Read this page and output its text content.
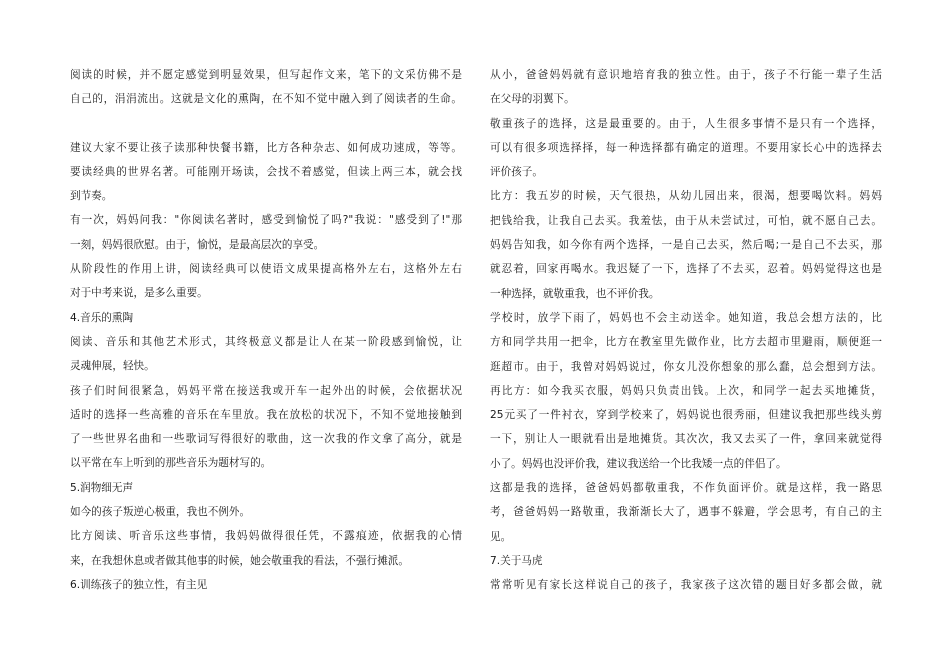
阅读的时候，并不愿定感觉到明显效果，但写起作文来，笔下的文采仿佛不是
自己的，涓涓流出。这就是文化的熏陶，在不知不觉中融入到了阅读者的生命。
建议大家不要让孩子读那种快餐书籍，比方各种杂志、如何成功速成，等等。
要读经典的世界名著。可能刚开场读，会找不着感觉，但读上两三本，就会找
到节奏。
有一次，妈妈问我："你阅读名著时，感受到愉悦了吗?"我说："感受到了!"那
一刻，妈妈很欣慰。由于，愉悦，是最高层次的享受。
从阶段性的作用上讲，阅读经典可以使语文成果提高格外左右，这格外左右
对于中考来说，是多么重要。
4.音乐的熏陶
阅读、音乐和其他艺术形式，其终极意义都是让人在某一阶段感到愉悦，让
灵魂伸展，轻快。
孩子们时间很紧急，妈妈平常在接送我或开车一起外出的时候，会依据状况
适时的选择一些高雅的音乐在车里放。我在放松的状况下，不知不觉地接触到
了一些世界名曲和一些歌词写得很好的歌曲，这一次我的作文拿了高分，就是
以平常在车上听到的那些音乐为题材写的。
5.润物细无声
如今的孩子叛逆心极重，我也不例外。
比方阅读、听音乐这些事情，我妈妈做得很任凭，不露痕迹，依据我的心情
来，在我想休息或者做其他事的时候，她会敬重我的看法，不强行摊派。
6.训练孩子的独立性，有主见
从小，爸爸妈妈就有意识地培育我的独立性。由于，孩子不行能一辈子生活
在父母的羽翼下。
敬重孩子的选择，这是最重要的。由于，人生很多事情不是只有一个选择，
可以有很多项选择择，每一种选择都有确定的道理。不要用家长心中的选择去
评价孩子。
比方：我五岁的时候，天气很热，从幼儿园出来，很渴，想要喝饮料。妈妈
把钱给我，让我自己去买。我羞怯，由于从未尝试过，可怕，就不愿自己去。
妈妈告知我，如今你有两个选择，一是自己去买，然后喝;一是自己不去买，那
就忍着，回家再喝水。我迟疑了一下，选择了不去买，忍着。妈妈觉得这也是
一种选择，就敬重我，也不评价我。
学校时，放学下雨了，妈妈也不会主动送伞。她知道，我总会想方法的，比
方和同学共用一把伞，比方在教室里先做作业，比方去超市里避雨，顺便逛一
逛超市。由于，我曾对妈妈说过，你女儿没你想象的那么蠢，总会想到方法。
再比方：如今我买衣服，妈妈只负责出钱。上次，和同学一起去买地摊货，
25元买了一件衬衣，穿到学校来了，妈妈说也很秀丽，但建议我把那些线头剪
一下，别让人一眼就看出是地摊货。其次次，我又去买了一件，拿回来就觉得
小了。妈妈也没评价我，建议我送给一个比我矮一点的伴侣了。
这都是我的选择，爸爸妈妈都敬重我，不作负面评价。就是这样，我一路思
考，爸爸妈妈一路敬重，我渐渐长大了，遇事不躲避，学会思考，有自己的主
见。
7.关于马虎
常常听见有家长这样说自己的孩子，我家孩子这次错的题目好多都会做，就
